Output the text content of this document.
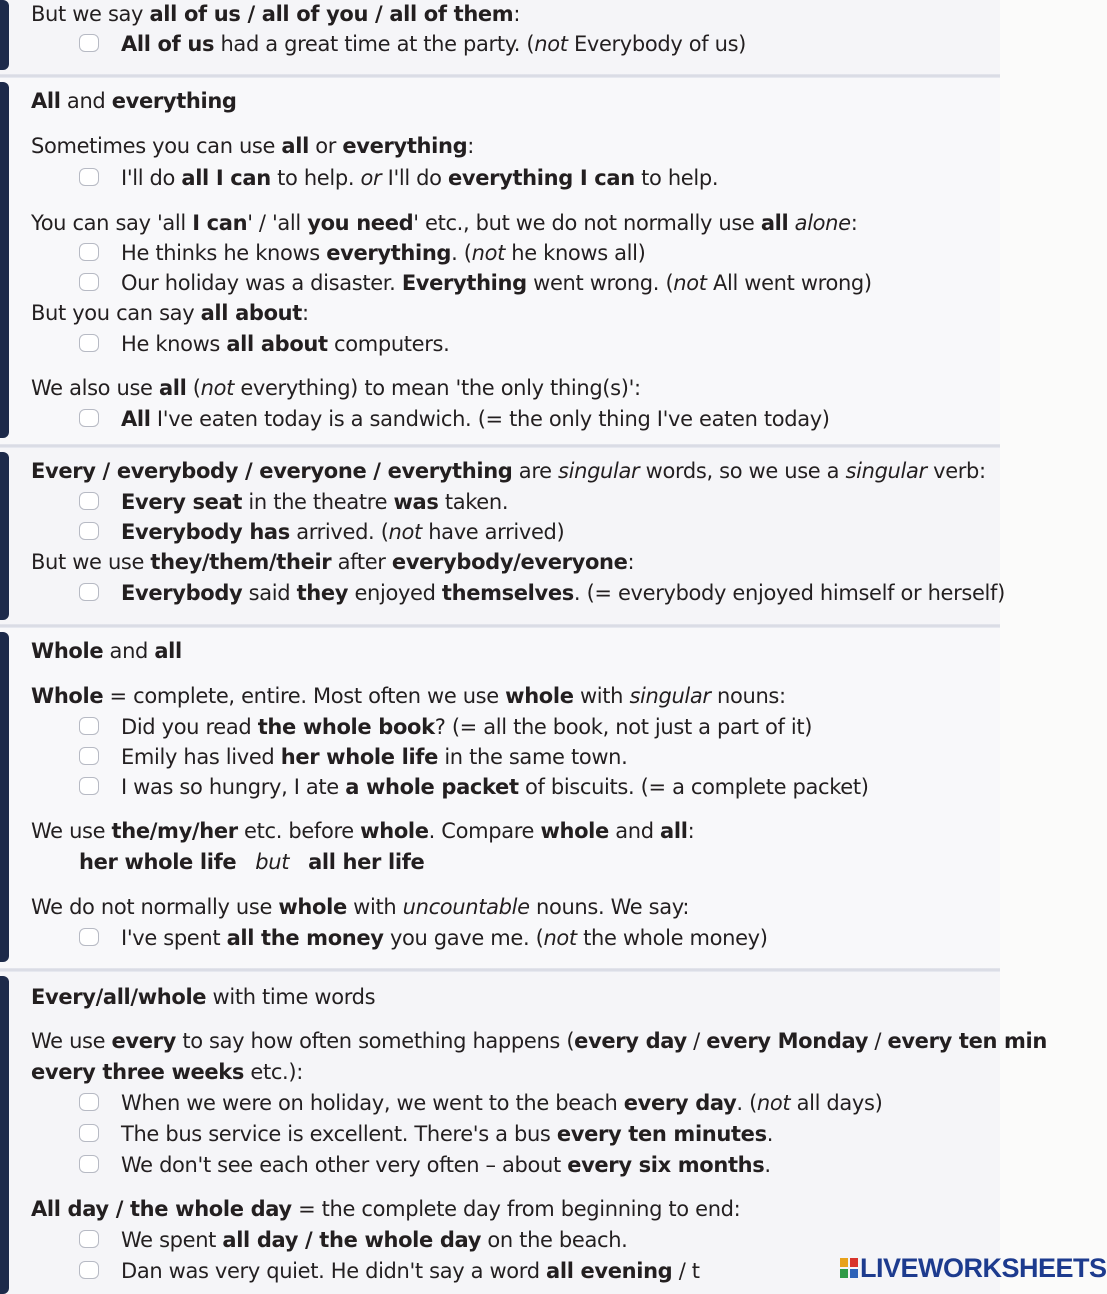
But we say all of us / all of you / all of them:
All of us had a great time at the party. (not Everybody of us)
All and everything
Sometimes you can use all or everything:
I'll do all I can to help. or I'll do everything I can to help.
You can say 'all I can' / 'all you need' etc., but we do not normally use all alone:
He thinks he knows everything. (not he knows all)
Our holiday was a disaster. Everything went wrong. (not All went wrong)
But you can say all about:
He knows all about computers.
We also use all (not everything) to mean 'the only thing(s)':
All I've eaten today is a sandwich. (= the only thing I've eaten today)
Every / everybody / everyone / everything are singular words, so we use a singular verb:
Every seat in the theatre was taken.
Everybody has arrived. (not have arrived)
But we use they/them/their after everybody/everyone:
Everybody said they enjoyed themselves. (= everybody enjoyed himself or herself)
Whole and all
Whole = complete, entire. Most often we use whole with singular nouns:
Did you read the whole book? (= all the book, not just a part of it)
Emily has lived her whole life in the same town.
I was so hungry, I ate a whole packet of biscuits. (= a complete packet)
We use the/my/her etc. before whole. Compare whole and all:
her whole life   but   all her life
We do not normally use whole with uncountable nouns. We say:
I've spent all the money you gave me. (not the whole money)
Every/all/whole with time words
We use every to say how often something happens (every day / every Monday / every ten min
every three weeks etc.):
When we were on holiday, we went to the beach every day. (not all days)
The bus service is excellent. There's a bus every ten minutes.
We don't see each other very often – about every six months.
All day / the whole day = the complete day from beginning to end:
We spent all day / the whole day on the beach.
Dan was very quiet. He didn't say a word all evening / t	LIVEWORKSHEETS
